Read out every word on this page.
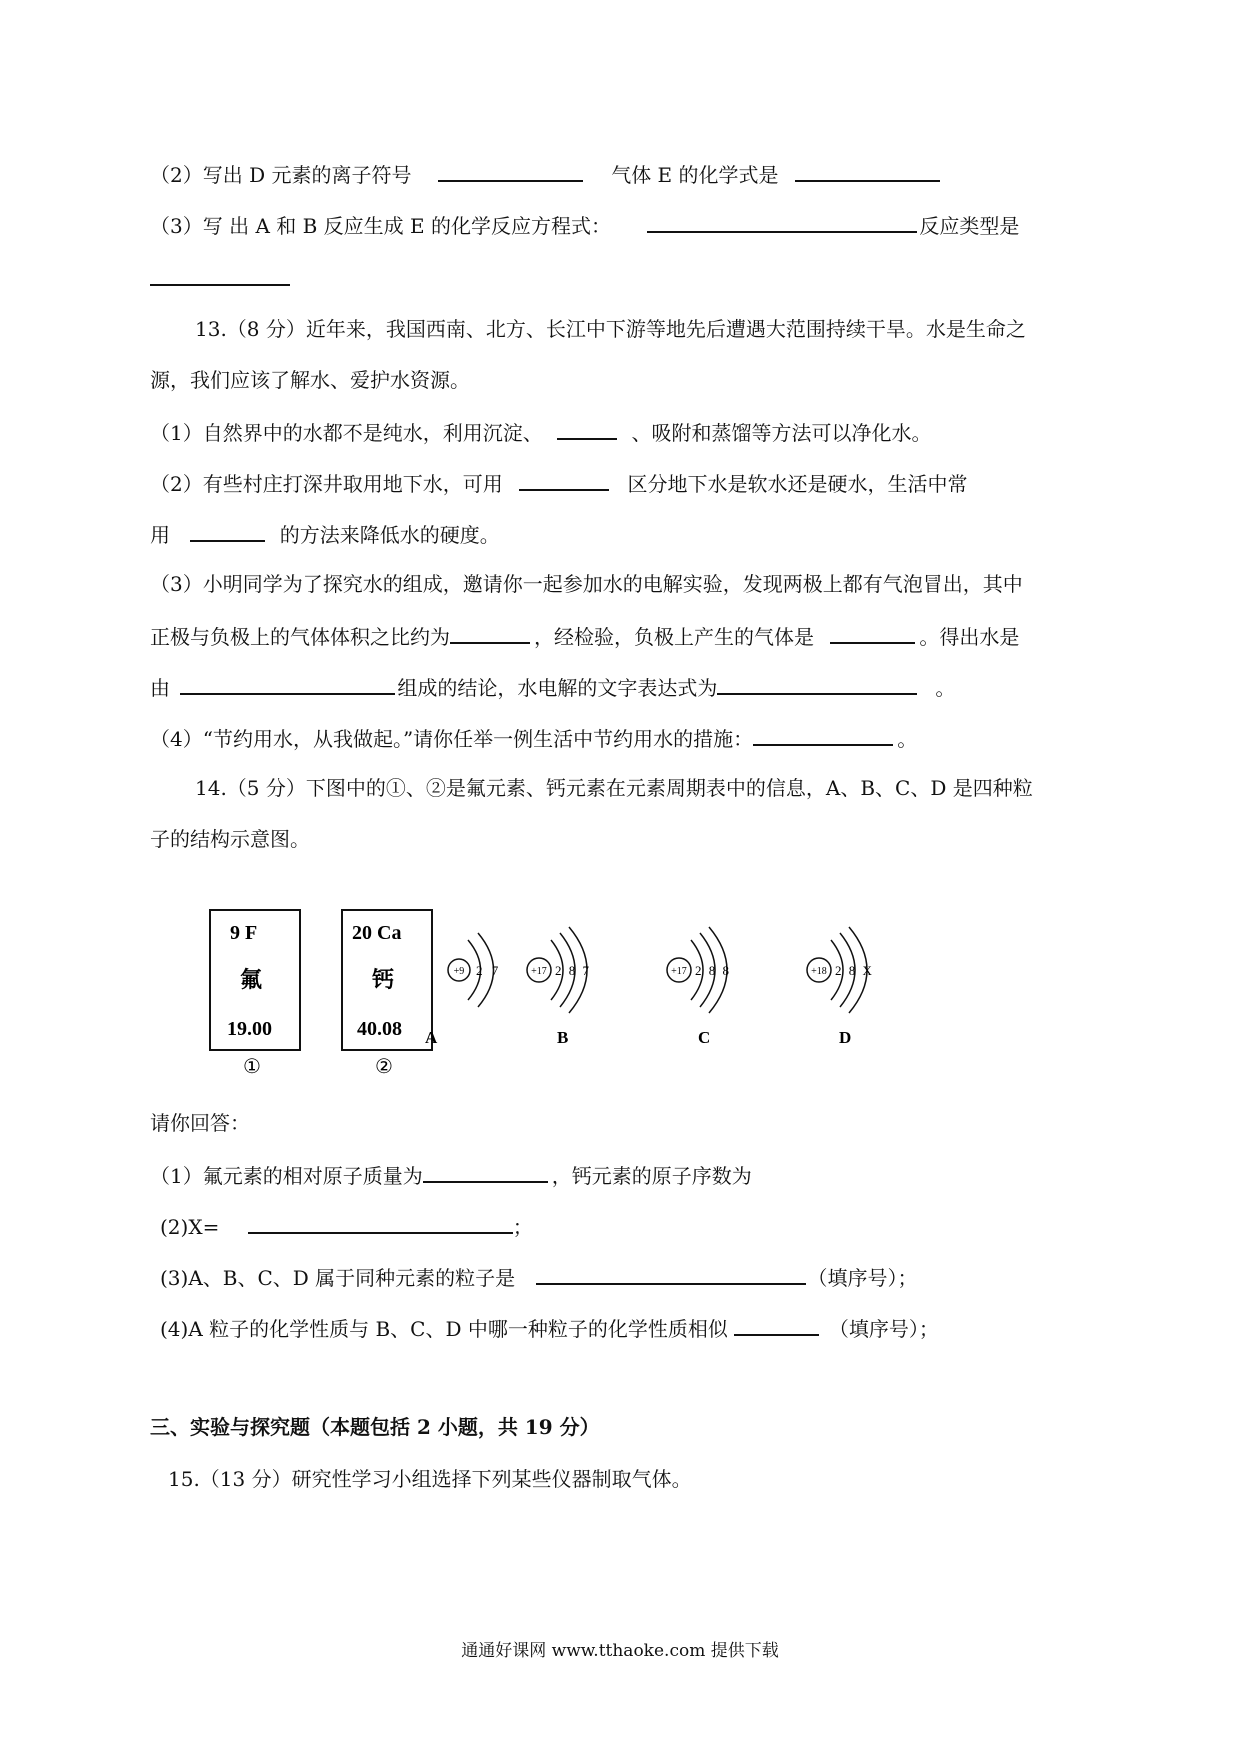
（2）写出 D 元素的离子符号	气体 E 的化学式是
（3）写 出 A 和 B 反应生成 E 的化学反应方程式：	反应类型是
13.（8 分）近年来，我国西南、北方、长江中下游等地先后遭遇大范围持续干旱。水是生命之
源，我们应该了解水、爱护水资源。
（1）自然界中的水都不是纯水，利用沉淀、	、吸附和蒸馏等方法可以净化水。
（2）有些村庄打深井取用地下水，可用	区分地下水是软水还是硬水，生活中常
用	的方法来降低水的硬度。
（3）小明同学为了探究水的组成，邀请你一起参加水的电解实验，发现两极上都有气泡冒出，其中
正极与负极上的气体体积之比约为	，经检验，负极上产生的气体是	。得出水是
由	组成的结论，水电解的文字表达式为	。
（4）“节约用水，从我做起。”请你任举一例生活中节约用水的措施：	。
14.（5 分）下图中的①、②是氟元素、钙元素在元素周期表中的信息，A、B、C、D 是四种粒
子的结构示意图。
9 F
氟
19.00
①
20 Ca
钙
40.08
②
+9 2 7
A
+17 2 8 7
B
+17 2 8 8
C
+18 2 8 X
D
请你回答：
（1）氟元素的相对原子质量为	，钙元素的原子序数为
(2)X=	；
(3)A、B、C、D 属于同种元素的粒子是	（填序号）；
(4)A 粒子的化学性质与 B、C、D 中哪一种粒子的化学性质相似	（填序号）；
三、实验与探究题（本题包括 2 小题，共 19 分）
15.（13 分）研究性学习小组选择下列某些仪器制取气体。
通通好课网 www.tthaoke.com 提供下载
